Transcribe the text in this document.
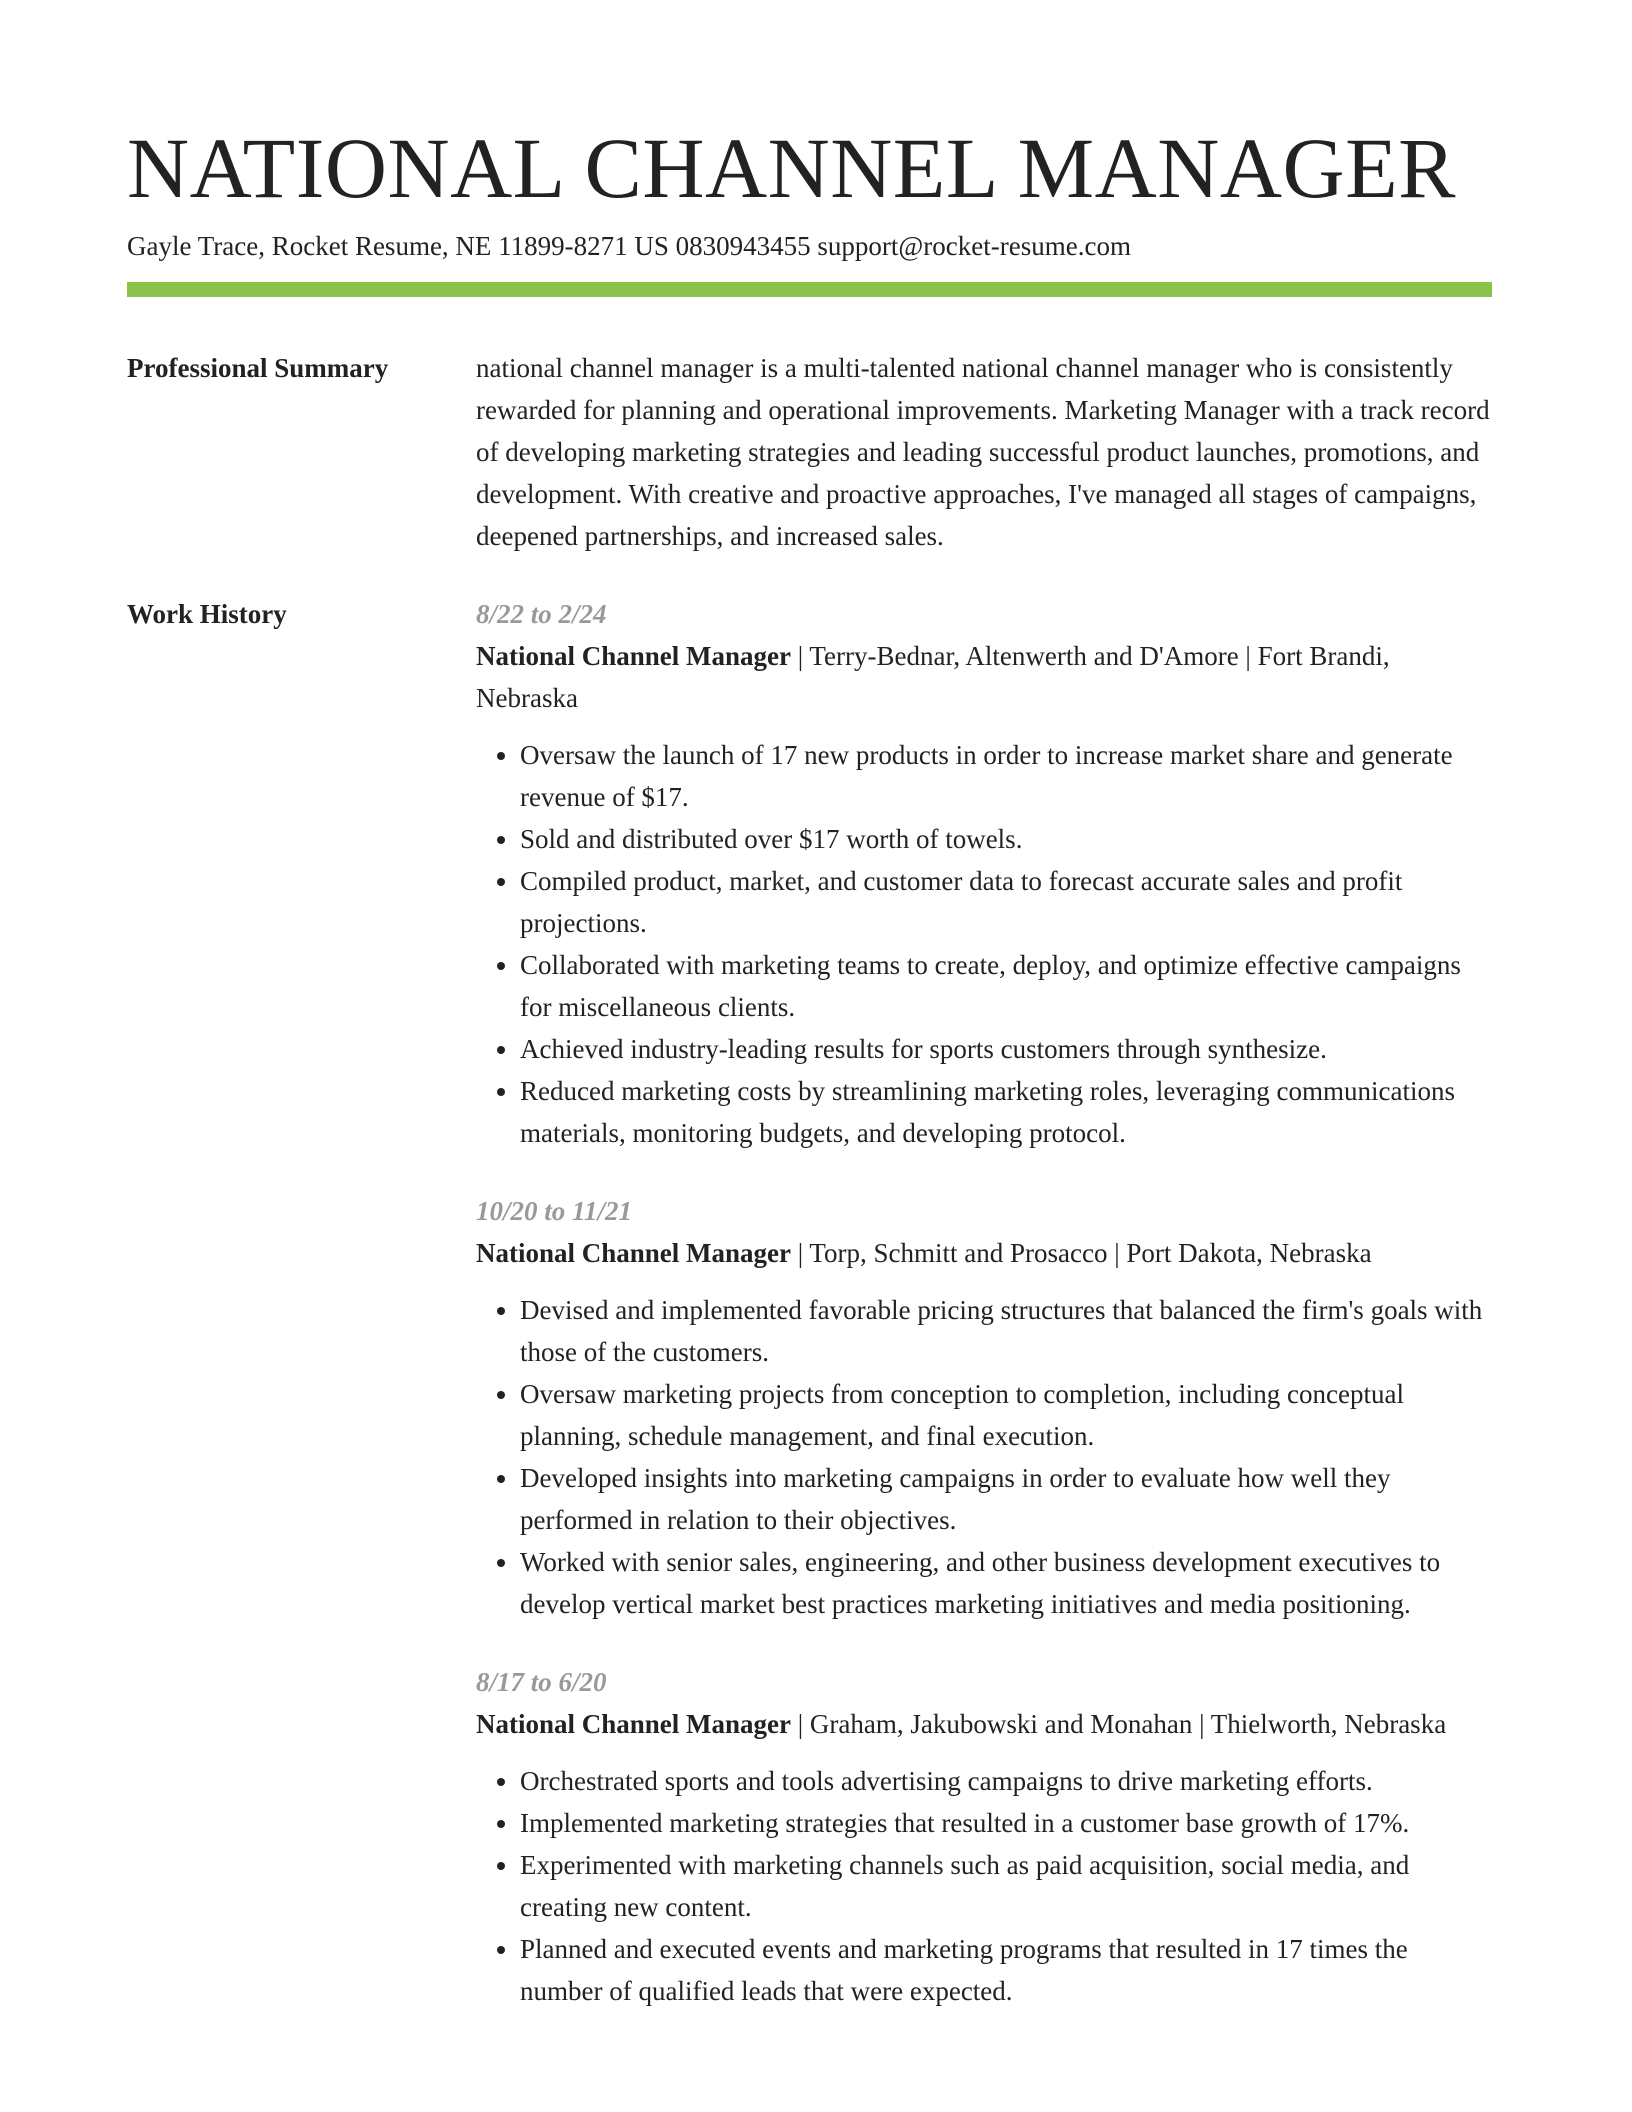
NATIONAL CHANNEL MANAGER
Gayle Trace, Rocket Resume, NE 11899-8271 US 0830943455 support@rocket-resume.com
Professional Summary	national channel manager is a multi-talented national channel manager who is consistently rewarded for planning and operational improvements. Marketing Manager with a track record of developing marketing strategies and leading successful product launches, promotions, and development. With creative and proactive approaches, I've managed all stages of campaigns, deepened partnerships, and increased sales.

Work History	8/22 to 2/24
National Channel Manager | Terry-Bednar, Altenwerth and D'Amore | Fort Brandi, Nebraska
• Oversaw the launch of 17 new products in order to increase market share and generate revenue of $17.
• Sold and distributed over $17 worth of towels.
• Compiled product, market, and customer data to forecast accurate sales and profit projections.
• Collaborated with marketing teams to create, deploy, and optimize effective campaigns for miscellaneous clients.
• Achieved industry-leading results for sports customers through synthesize.
• Reduced marketing costs by streamlining marketing roles, leveraging communications materials, monitoring budgets, and developing protocol.
10/20 to 11/21
National Channel Manager | Torp, Schmitt and Prosacco | Port Dakota, Nebraska
• Devised and implemented favorable pricing structures that balanced the firm's goals with those of the customers.
• Oversaw marketing projects from conception to completion, including conceptual planning, schedule management, and final execution.
• Developed insights into marketing campaigns in order to evaluate how well they performed in relation to their objectives.
• Worked with senior sales, engineering, and other business development executives to develop vertical market best practices marketing initiatives and media positioning.
8/17 to 6/20
National Channel Manager | Graham, Jakubowski and Monahan | Thielworth, Nebraska
• Orchestrated sports and tools advertising campaigns to drive marketing efforts.
• Implemented marketing strategies that resulted in a customer base growth of 17%.
• Experimented with marketing channels such as paid acquisition, social media, and creating new content.
• Planned and executed events and marketing programs that resulted in 17 times the number of qualified leads that were expected.
